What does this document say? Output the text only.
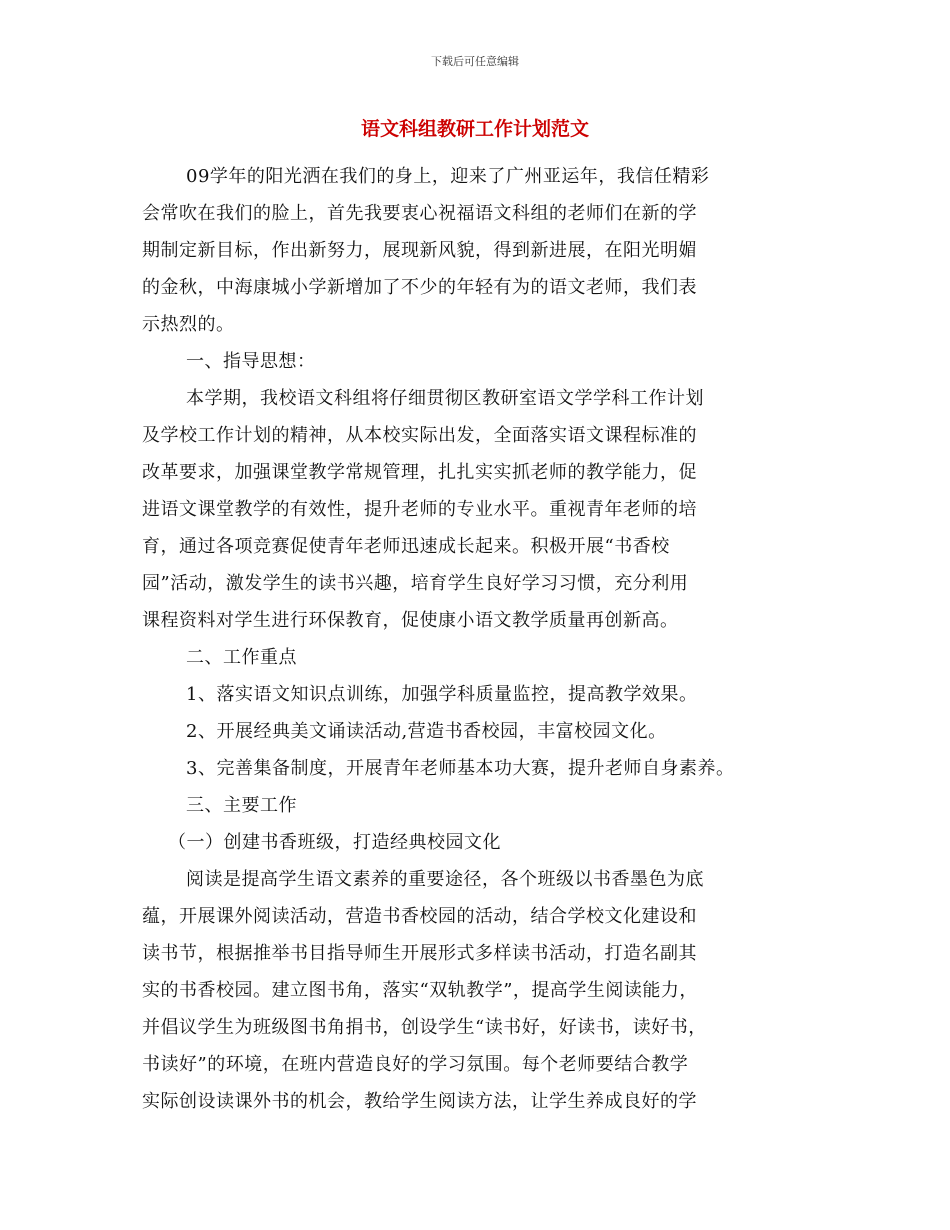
下载后可任意编辑
语文科组教研工作计划范文
09学年的阳光洒在我们的身上，迎来了广州亚运年，我信任精彩
会常吹在我们的脸上，首先我要衷心祝福语文科组的老师们在新的学
期制定新目标，作出新努力，展现新风貌，得到新进展，在阳光明媚
的金秋，中海康城小学新增加了不少的年轻有为的语文老师，我们表
示热烈的。
一、指导思想：
本学期，我校语文科组将仔细贯彻区教研室语文学学科工作计划
及学校工作计划的精神，从本校实际出发，全面落实语文课程标准的
改革要求，加强课堂教学常规管理，扎扎实实抓老师的教学能力，促
进语文课堂教学的有效性，提升老师的专业水平。重视青年老师的培
育，通过各项竞赛促使青年老师迅速成长起来。积极开展“书香校
园”活动，激发学生的读书兴趣，培育学生良好学习习惯，充分利用
课程资料对学生进行环保教育，促使康小语文教学质量再创新高。
二、工作重点
1、落实语文知识点训练，加强学科质量监控，提高教学效果。
2、开展经典美文诵读活动,营造书香校园，丰富校园文化。
3、完善集备制度，开展青年老师基本功大赛，提升老师自身素养。
三、主要工作
（一）创建书香班级，打造经典校园文化
阅读是提高学生语文素养的重要途径，各个班级以书香墨色为底
蕴，开展课外阅读活动，营造书香校园的活动，结合学校文化建设和
读书节，根据推举书目指导师生开展形式多样读书活动，打造名副其
实的书香校园。建立图书角，落实“双轨教学”，提高学生阅读能力，
并倡议学生为班级图书角捐书，创设学生“读书好，好读书，读好书，
书读好”的环境，在班内营造良好的学习氛围。每个老师要结合教学
实际创设读课外书的机会，教给学生阅读方法，让学生养成良好的学
